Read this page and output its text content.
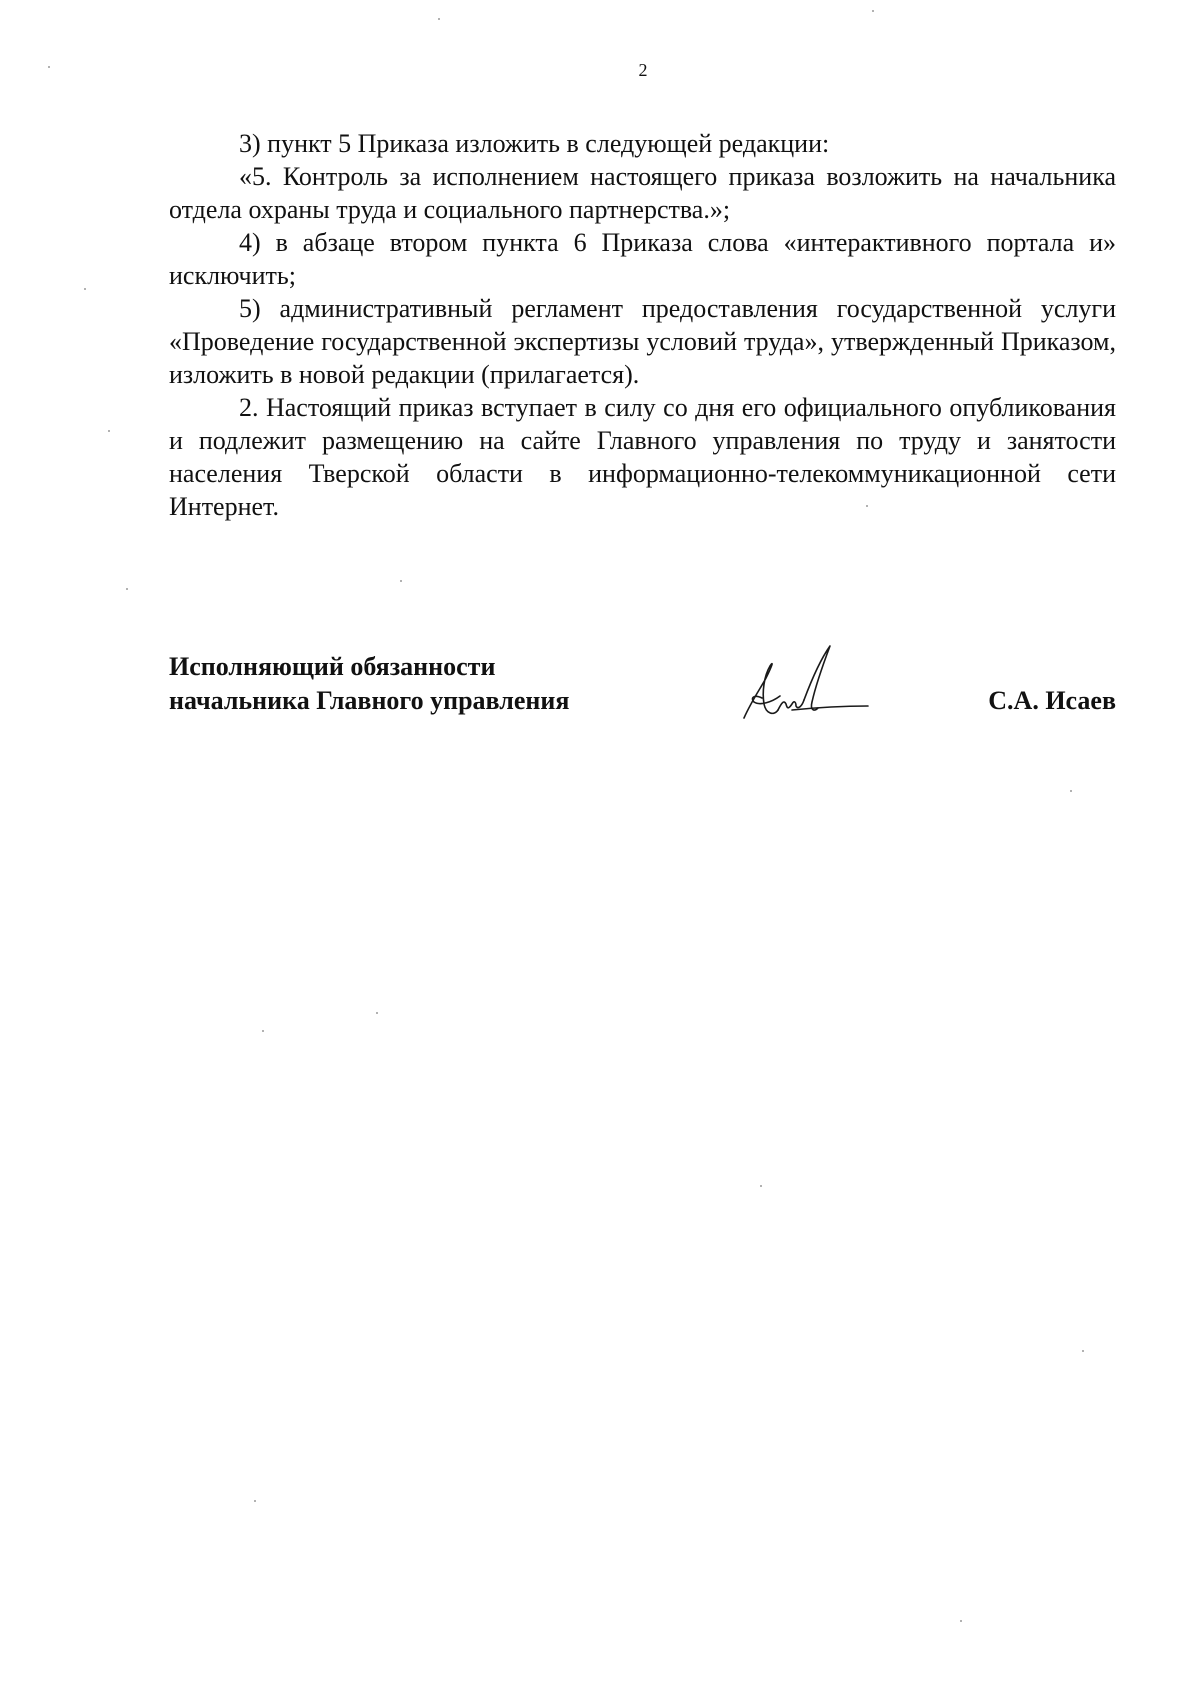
2

3) пункт 5 Приказа изложить в следующей редакции:

«5. Контроль за исполнением настоящего приказа возложить на начальника отдела охраны труда и социального партнерства.»;

4) в абзаце втором пункта 6 Приказа слова «интерактивного портала и» исключить;

5) административный регламент предоставления государственной услуги «Проведение государственной экспертизы условий труда», утвержденный Приказом, изложить в новой редакции (прилагается).

2. Настоящий приказ вступает в силу со дня его официального опубликования и подлежит размещению на сайте Главного управления по труду и занятости населения Тверской области в информационно-телекоммуникационной сети Интернет.

Исполняющий обязанности
начальника Главного управления	С.А. Исаев
